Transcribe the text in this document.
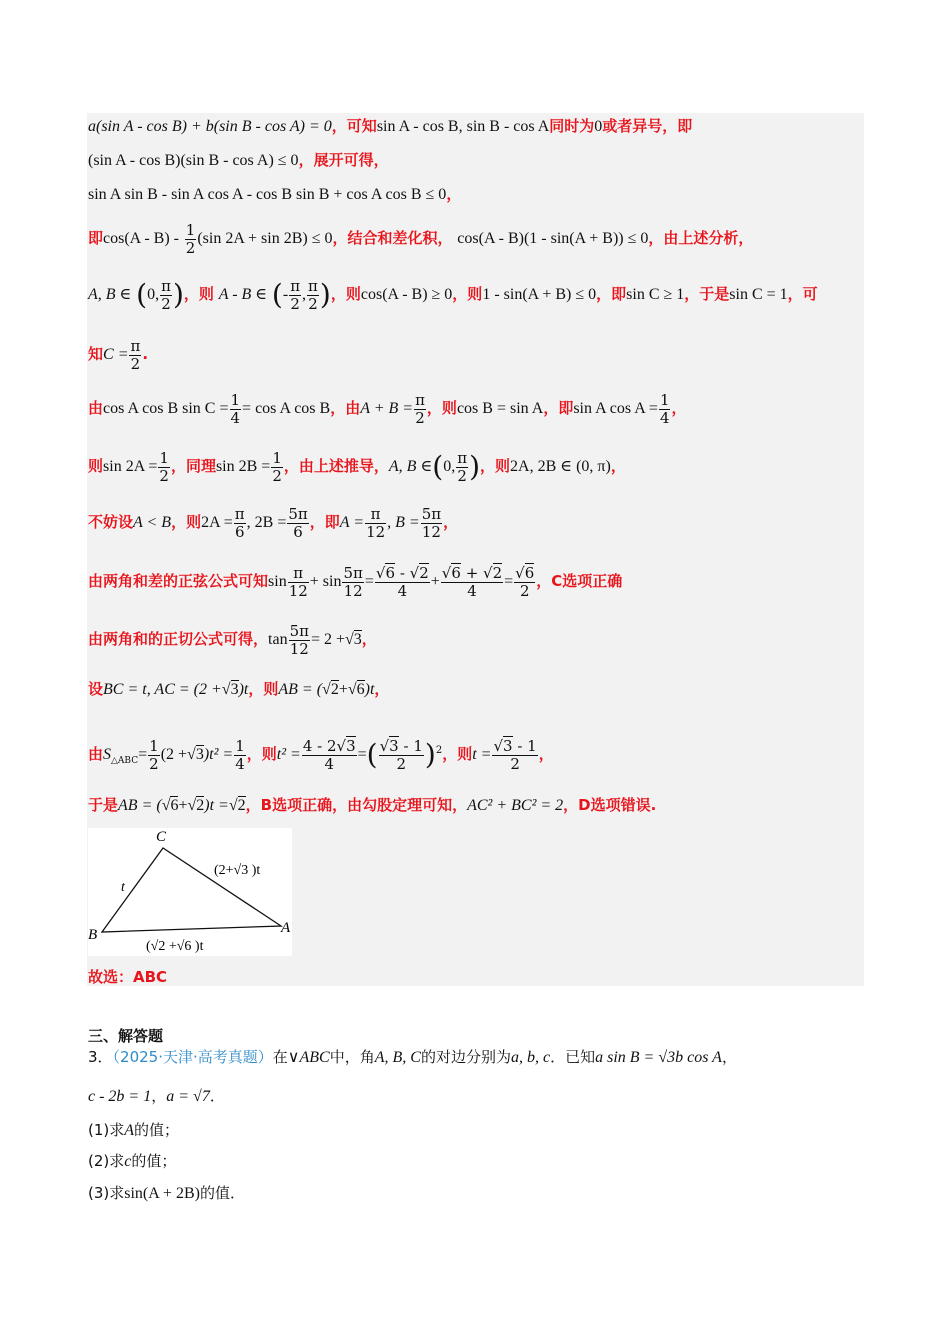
a(sin A - cos B) + b(sin B - cos A) = 0，可知sin A - cos B, sin B - cos A同时为0或者异号，即
(sin A - cos B)(sin B - cos A) ≤ 0，展开可得，
sin A sin B - sin A cos A - cos B sin B + cos A cos B ≤ 0，
即$\cos(A - B) - \frac{1}{2} (\sin$ 2A + sin 2B) ≤ 0，结合和差化积， cos(A - B)(1 - sin(A + B)) ≤ 0，由上述分析，
A, B ∈ (0, $\frac{\pi}{2}$ )，则 A - B ∈ (- $\frac{\pi}{2}$ , $\frac{\pi}{2}$ )，则cos(A - B) ≥ 0，则1 - sin(A + B) ≤ 0，即sin C ≥ 1，于是sin C = 1，可
知$C = \frac{\pi}{2}$ .
由cos A cos B $\sin C = \frac{1}{4} = \cos A$ cos B，由$A + B = \frac{\pi}{2}$ ，则cos B = sin A，即sin A $\cos A = \frac{1}{4}$ ，
则$\sin 2A = \frac{1}{2}$ ，同理$\sin 2B = \frac{1}{2}$ ，由上述推导，A, B ∈(0, $\frac{\pi}{2}$ )，则2A, 2B ∈ (0, π)，
不妨设A < B，则$2A = \frac{\pi}{6}$ , $2B = \frac{5\pi}{6}$ ，即$A = \frac{\pi}{12}$ , $B = \frac{5\pi}{12}$ ，
由两角和差的正弦公式可知$\sin \frac{\pi}{12} + \sin \frac{5\pi}{12} = \frac{√6 - √2}{4} + \frac{√6 + √2}{4} = \frac{√6}{2}$ ，C选项正确
由两角和的正切公式可得，$\tan \frac{5\pi}{12} = 2 +√3$，
设BC = t, AC = (2 +√3)t，则AB = (√2+√6)t，
由$S_{\triangle ABC}= \frac{1}{2} (2 +√3)t^2 = \frac{1}{4}$ ，则$t^2 = \frac{4 - 2√3}{4}$ =( $\frac{√3 - 1}{2} )^2$，则$t = \frac{√3 - 1}{2}$ ，
于是AB = (√6+√2)t =√2，B选项正确，由勾股定理可知，AC² + BC² = 2，D选项错误.
C
B	A
t
(2+√3 )t
(√2 +√6 )t
故选：ABC
三、解答题
3．（2025·天津·高考真题）在∨ABC中，角A, B, C的对边分别为a, b, c．已知a sin B = √3b cos A，
c - 2b = 1，a = √7．
(1)求A的值；
(2)求c的值；
(3)求sin(A + 2B)的值．
